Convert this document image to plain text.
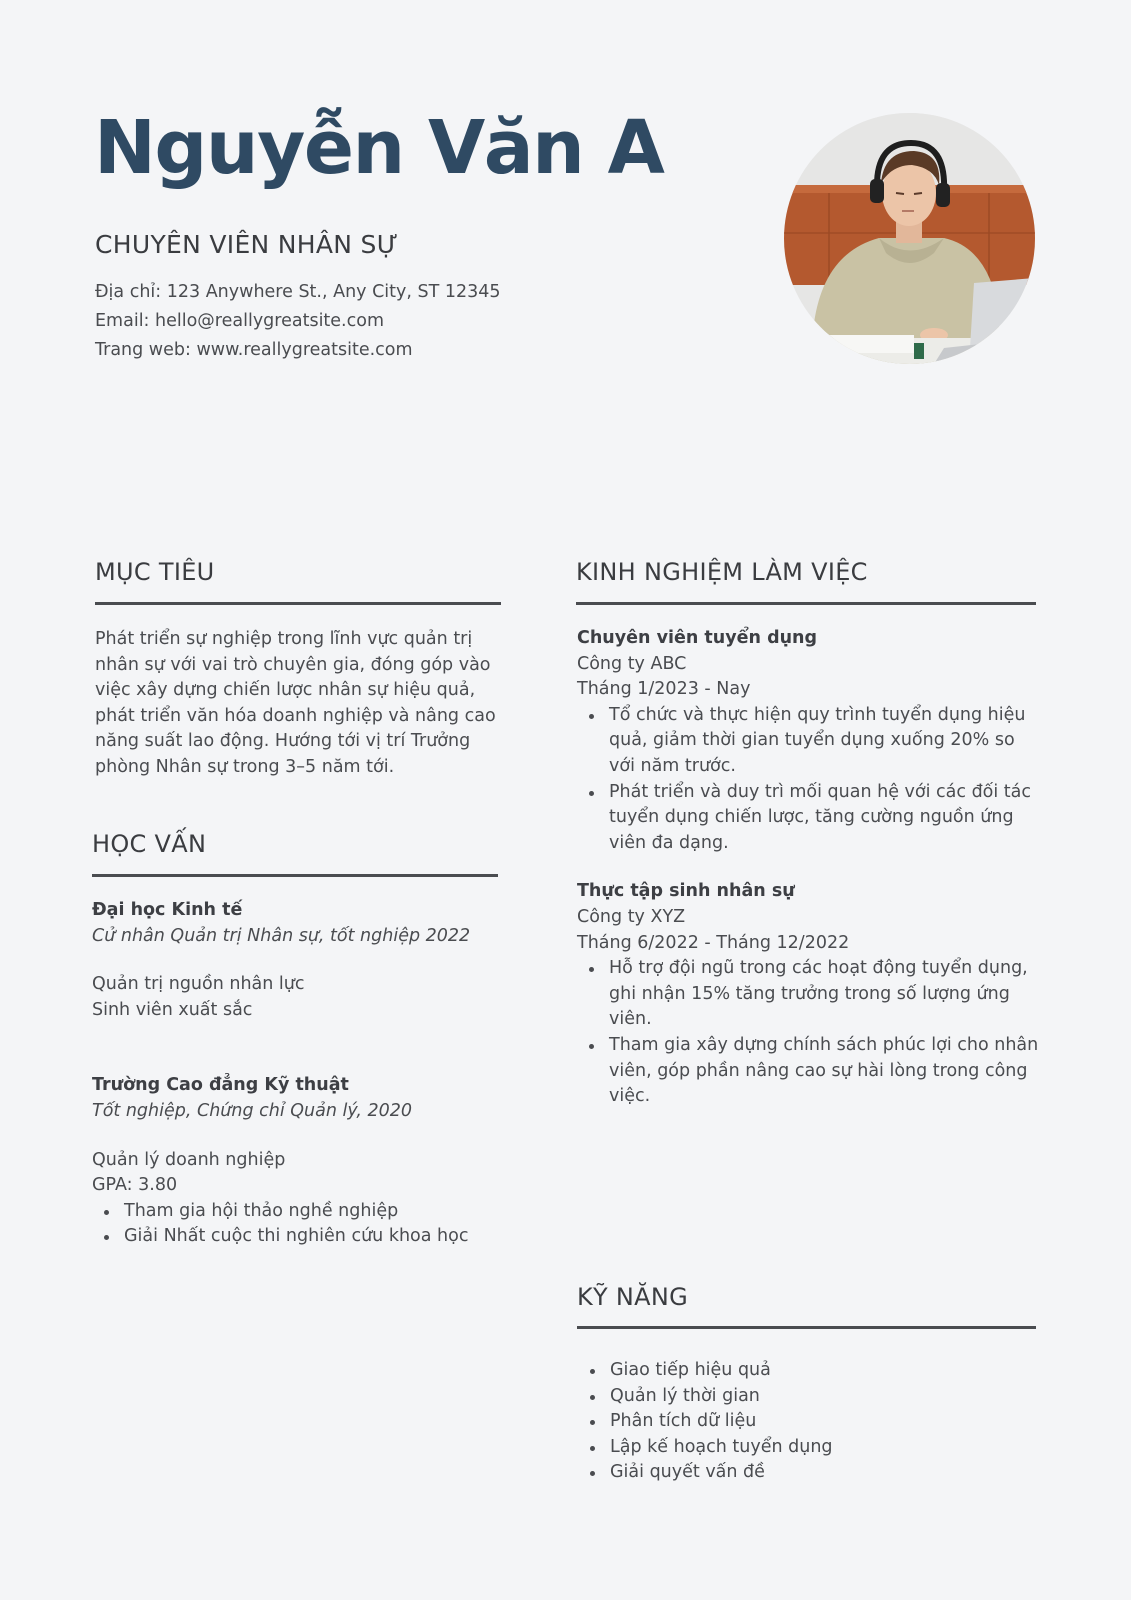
Nguyễn Văn A
CHUYÊN VIÊN NHÂN SỰ
Địa chỉ: 123 Anywhere St., Any City, ST 12345
Email: hello@reallygreatsite.com
Trang web: www.reallygreatsite.com
MỤC TIÊU

Phát triển sự nghiệp trong lĩnh vực quản trị nhân sự với vai trò chuyên gia, đóng góp vào việc xây dựng chiến lược nhân sự hiệu quả, phát triển văn hóa doanh nghiệp và nâng cao năng suất lao động. Hướng tới vị trí Trưởng phòng Nhân sự trong 3–5 năm tới.

HỌC VẤN
Đại học Kinh tế
Cử nhân Quản trị Nhân sự, tốt nghiệp 2022
Quản trị nguồn nhân lực
Sinh viên xuất sắc
Trường Cao đẳng Kỹ thuật
Tốt nghiệp, Chứng chỉ Quản lý, 2020
Quản lý doanh nghiệp
GPA: 3.80
Tham gia hội thảo nghề nghiệp
Giải Nhất cuộc thi nghiên cứu khoa học
KINH NGHIỆM LÀM VIỆC
Chuyên viên tuyển dụng
Công ty ABC
Tháng 1/2023 - Nay
Tổ chức và thực hiện quy trình tuyển dụng hiệu quả, giảm thời gian tuyển dụng xuống 20% so với năm trước.
Phát triển và duy trì mối quan hệ với các đối tác tuyển dụng chiến lược, tăng cường nguồn ứng viên đa dạng.
Thực tập sinh nhân sự
Công ty XYZ
Tháng 6/2022 - Tháng 12/2022
Hỗ trợ đội ngũ trong các hoạt động tuyển dụng, ghi nhận 15% tăng trưởng trong số lượng ứng viên.
Tham gia xây dựng chính sách phúc lợi cho nhân viên, góp phần nâng cao sự hài lòng trong công việc.
KỸ NĂNG
Giao tiếp hiệu quả
Quản lý thời gian
Phân tích dữ liệu
Lập kế hoạch tuyển dụng
Giải quyết vấn đề
